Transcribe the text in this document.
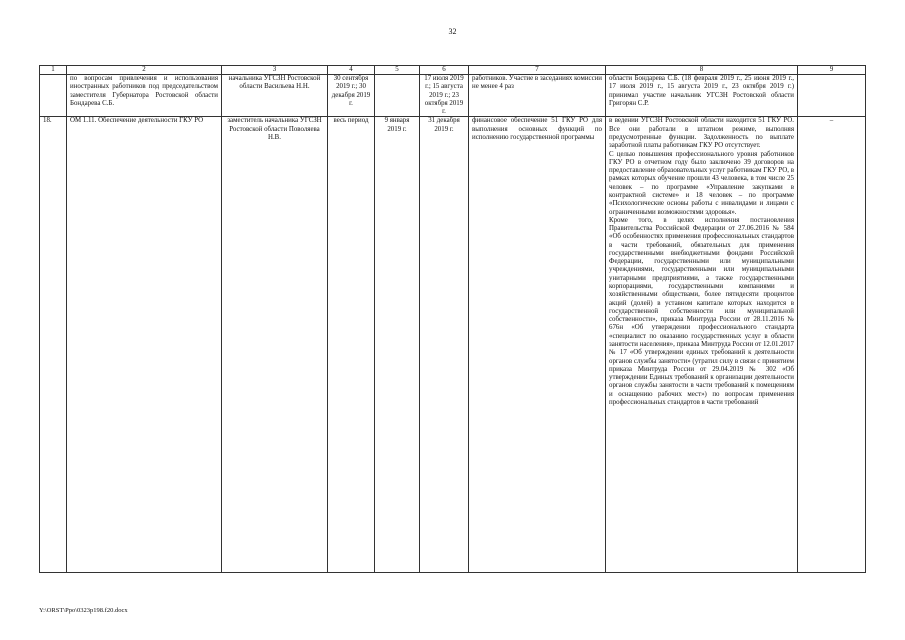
32
1	2	3	4	5	6	7	8	9
	по вопросам привлечения и использования иностранных работников под председательством заместителя Губернатора Ростовской области Бондарева С.Б.	начальника УГСЗН Ростовской области Васильева Н.Н.	30 сентября 2019 г.; 30 декабря 2019 г.		17 июля 2019 г.; 15 августа 2019 г.; 23 октября 2019 г.	работников. Участие в заседаниях комиссии не менее 4 раз	области Бондарева С.Б. (18 февраля 2019 г., 25 июня 2019 г., 17 июля 2019 г., 15 августа 2019 г., 23 октября 2019 г.) принимал участие начальник УГСЗН Ростовской области Григорян С.Р.	

18.	ОМ 1.11. Обеспечение деятельности ГКУ РО	заместитель начальника УГСЗН Ростовской области Поволяева Н.В.	весь период	9 января 2019 г.	31 декабря 2019 г.	финансовое обеспечение 51 ГКУ РО для выполнения основных функций по исполнению государственной программы	в ведении УГСЗН Ростовской области находится 51 ГКУ РО. Все они работали в штатном режиме, выполняя предусмотренные функции. Задолженность по выплате заработной платы работникам ГКУ РО отсутствует.
С целью повышения профессионального уровня работников ГКУ РО в отчетном году было заключено 39 договоров на предоставление образовательных услуг работникам ГКУ РО, в рамках которых обучение прошли 43 человека, в том числе 25 человек – по программе «Управление закупками в контрактной системе» и 18 человек – по программе «Психологические основы работы с инвалидами и лицами с ограниченными возможностями здоровья».
Кроме того, в целях исполнения постановления Правительства Российской Федерации от 27.06.2016 № 584 «Об особенностях применения профессиональных стандартов в части требований, обязательных для применения государственными внебюджетными фондами Российской Федерации, государственными или муниципальными учреждениями, государственными или муниципальными унитарными предприятиями, а также государственными корпорациями, государственными компаниями и хозяйственными обществами, более пятидесяти процентов акций (долей) в уставном капитале которых находится в государственной собственности или муниципальной собственности», приказа Минтруда России от 28.11.2016 № 676н «Об утверждении профессионального стандарта «специалист по оказанию государственных услуг в области занятости населения», приказа Минтруда России от 12.01.2017 № 17 «Об утверждении единых требований к деятельности органов службы занятости» (утратил силу в связи с принятием приказа Минтруда России от 29.04.2019 № 302 «Об утверждении Единых требований к организации деятельности органов службы занятости в части требований к помещениям и оснащению рабочих мест») по вопросам применения профессиональных стандартов в части требований	–
Y:\ORST\Ppo\0323p198.f20.docx
